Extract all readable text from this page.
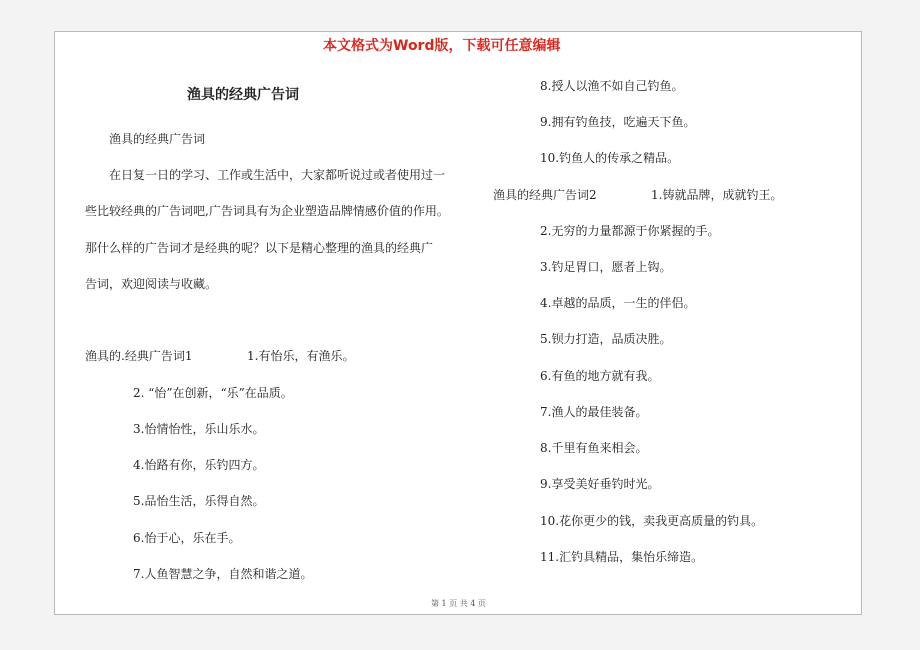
本文格式为Word版，下载可任意编辑
渔具的经典广告词
渔具的经典广告词
在日复一日的学习、工作或生活中，大家都听说过或者使用过一
些比较经典的广告词吧,广告词具有为企业塑造品牌情感价值的作用。
那什么样的广告词才是经典的呢？以下是精心整理的渔具的经典广
告词，欢迎阅读与收藏。
渔具的.经典广告词1	1.有怡乐，有渔乐。
2. “怡”在创新，“乐”在品质。
3.怡情怡性，乐山乐水。
4.怡路有你，乐钓四方。
5.品怡生活，乐得自然。
6.怡于心，乐在手。
7.人鱼智慧之争，自然和谐之道。
8.授人以渔不如自己钓鱼。
9.拥有钓鱼技，吃遍天下鱼。
10.钓鱼人的传承之精品。
渔具的经典广告词2	1.铸就品牌，成就钓王。
2.无穷的力量都源于你紧握的手。
3.钓足胃口，愿者上钩。
4.卓越的品质，一生的伴侣。
5.钡力打造，品质决胜。
6.有鱼的地方就有我。
7.渔人的最佳装备。
8.千里有鱼来相会。
9.享受美好垂钓时光。
10.花你更少的钱，卖我更高质量的钓具。
11.汇钓具精品，集怡乐缔造。
第 1 页 共 4 页
